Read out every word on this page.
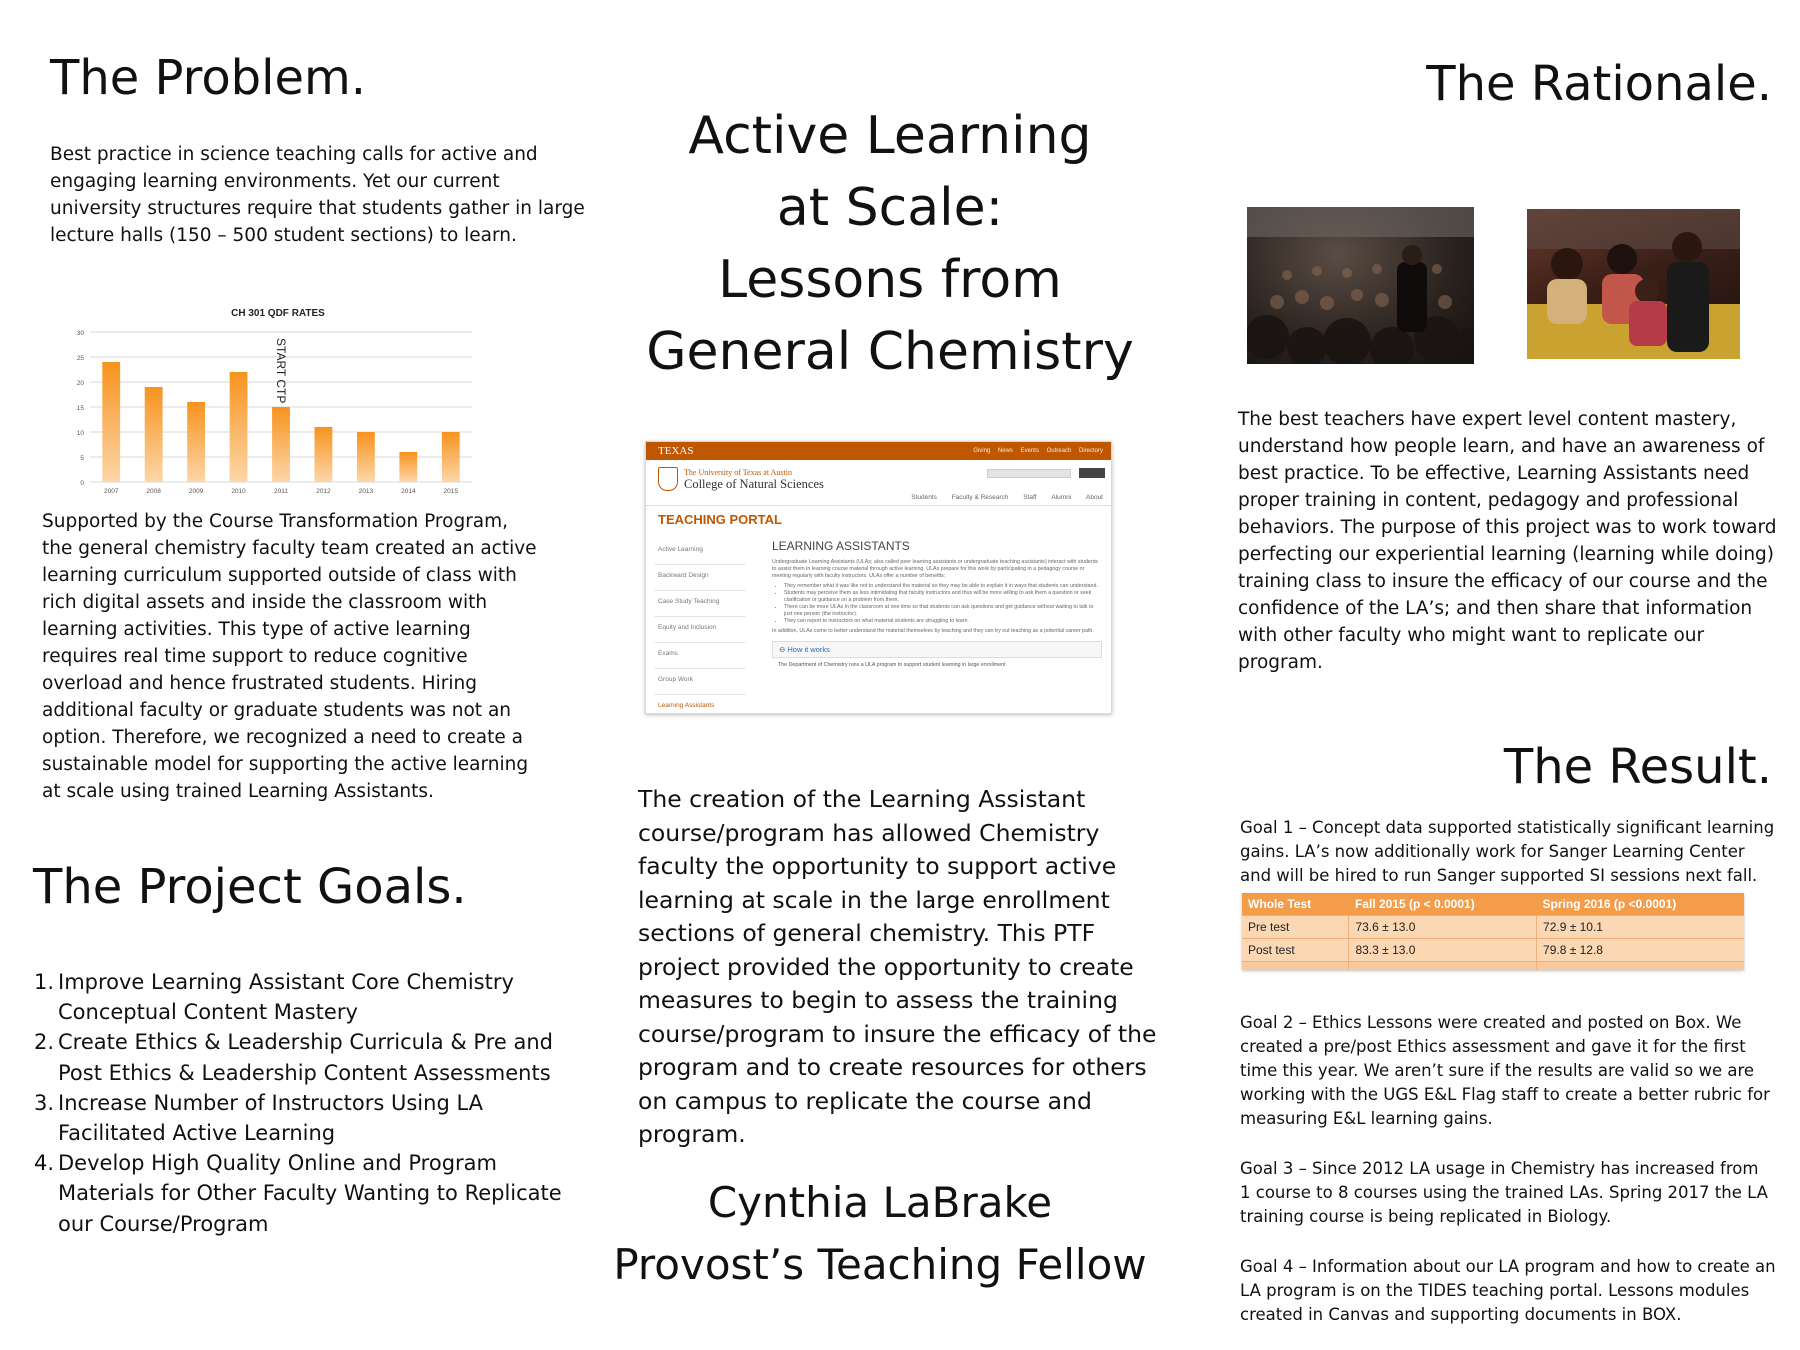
The Problem.
Best practice in science teaching calls for active and engaging learning environments. Yet our current university structures require that students gather in large lecture halls (150 – 500 student sections) to learn.
CH 301 QDF RATES
0
5
10
15
20
25
30
2007	2008	2009	2010	2011	2012	2013	2014	2015
START CTP
Supported by the Course Transformation Program, the general chemistry faculty team created an active learning curriculum supported outside of class with rich digital assets and inside the classroom with learning activities. This type of active learning requires real time support to reduce cognitive overload and hence frustrated students. Hiring additional faculty or graduate students was not an option. Therefore, we recognized a need to create a sustainable model for supporting the active learning at scale using trained Learning Assistants.
The Project Goals.
1. Improve Learning Assistant Core Chemistry Conceptual Content Mastery
2. Create Ethics & Leadership Curricula & Pre and Post Ethics & Leadership Content Assessments
3. Increase Number of Instructors Using LA Facilitated Active Learning
4. Develop High Quality Online and Program Materials for Other Faculty Wanting to Replicate our Course/Program
Active Learning
at Scale:
Lessons from
General Chemistry
TEXAS	Giving News Events Outreach Directory
The University of Texas at Austin
College of Natural Sciences
Students Faculty & Research Staff Alumni About
TEACHING PORTAL
Active Learning
Backward Design
Case Study Teaching
Equity and Inclusion
Exams
Group Work
Learning Assistants
LEARNING ASSISTANTS
Undergraduate Learning Assistants (ULAs; also called peer learning assistants or undergraduate teaching assistants) interact with students to assist them in learning course material through active learning. ULAs prepare for this work by participating in a pedagogy course or meeting regularly with faculty instructors. ULAs offer a number of benefits:
• They remember what it was like not to understand the material so they may be able to explain it in ways that students can understand.
• Students may perceive them as less intimidating that faculty instructors and thus will be more willing to ask them a question or seek clarification or guidance on a problem from them.
• There can be more ULAs in the classroom at one time so that students can ask questions and get guidance without waiting to talk to just one person (the instructor).
• They can report to instructors on what material students are struggling to learn.
In addition, ULAs come to better understand the material themselves by teaching and they can try out teaching as a potential career path.
⊖ How it works
The Department of Chemistry runs a ULA program to support student learning in large enrollment
The creation of the Learning Assistant course/program has allowed Chemistry faculty the opportunity to support active learning at scale in the large enrollment sections of general chemistry. This PTF project provided the opportunity to create measures to begin to assess the training course/program to insure the efficacy of the program and to create resources for others on campus to replicate the course and program.
Cynthia LaBrake
Provost’s Teaching Fellow
The Rationale.
The best teachers have expert level content mastery, understand how people learn, and have an awareness of best practice. To be effective, Learning Assistants need proper training in content, pedagogy and professional behaviors. The purpose of this project was to work toward perfecting our experiential learning (learning while doing) training class to insure the efficacy of our course and the confidence of the LA’s; and then share that information with other faculty who might want to replicate our program.
The Result.
Goal 1 – Concept data supported statistically significant learning gains. LA’s now additionally work for Sanger Learning Center and will be hired to run Sanger supported SI sessions next fall.
Whole Test	Fall 2015 (p < 0.0001)	Spring 2016 (p <0.0001)
Pre test	73.6 ± 13.0	72.9 ± 10.1
Post test	83.3 ± 13.0	79.8 ± 12.8

Goal 2 – Ethics Lessons were created and posted on Box. We created a pre/post Ethics assessment and gave it for the first time this year. We aren’t sure if the results are valid so we are working with the UGS E&L Flag staff to create a better rubric for measuring E&L learning gains.
Goal 3 – Since 2012 LA usage in Chemistry has increased from 1 course to 8 courses using the trained LAs. Spring 2017 the LA training course is being replicated in Biology.
Goal 4 – Information about our LA program and how to create an LA program is on the TIDES teaching portal. Lessons modules created in Canvas and supporting documents in BOX.
